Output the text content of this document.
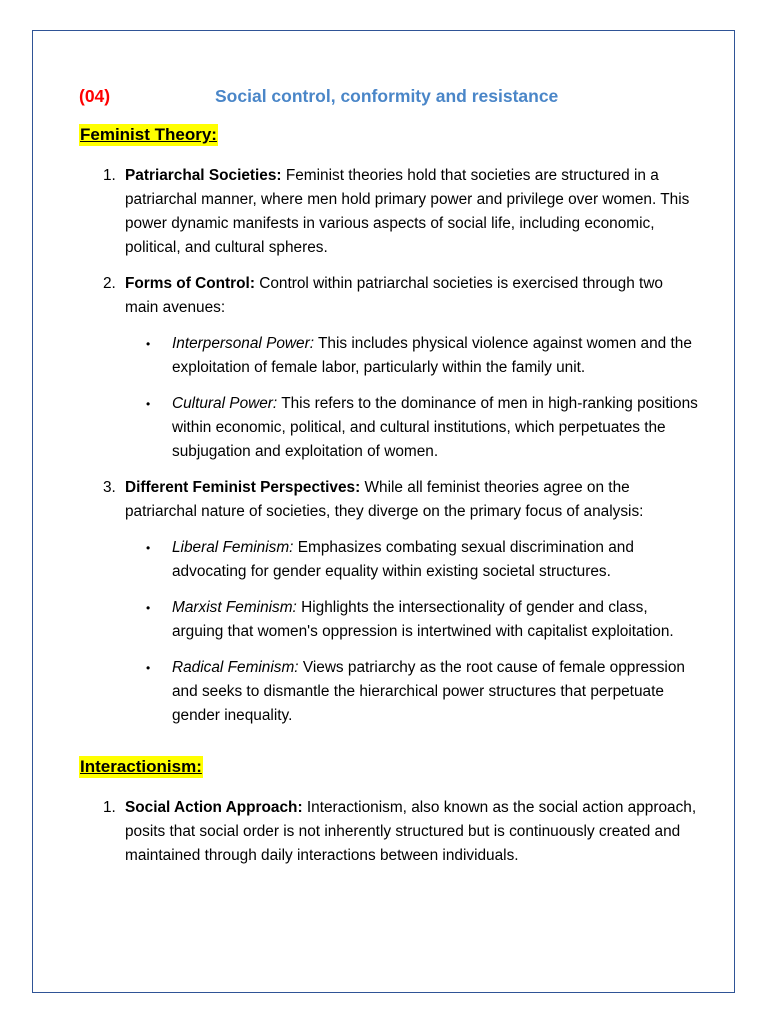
(04)	Social control, conformity and resistance
Feminist Theory:
1. Patriarchal Societies: Feminist theories hold that societies are structured in a patriarchal manner, where men hold primary power and privilege over women. This power dynamic manifests in various aspects of social life, including economic, political, and cultural spheres.
2. Forms of Control: Control within patriarchal societies is exercised through two main avenues:
• Interpersonal Power: This includes physical violence against women and the exploitation of female labor, particularly within the family unit.
• Cultural Power: This refers to the dominance of men in high-ranking positions within economic, political, and cultural institutions, which perpetuates the subjugation and exploitation of women.
3. Different Feminist Perspectives: While all feminist theories agree on the patriarchal nature of societies, they diverge on the primary focus of analysis:
• Liberal Feminism: Emphasizes combating sexual discrimination and advocating for gender equality within existing societal structures.
• Marxist Feminism: Highlights the intersectionality of gender and class, arguing that women's oppression is intertwined with capitalist exploitation.
• Radical Feminism: Views patriarchy as the root cause of female oppression and seeks to dismantle the hierarchical power structures that perpetuate gender inequality.
Interactionism:
1. Social Action Approach: Interactionism, also known as the social action approach, posits that social order is not inherently structured but is continuously created and maintained through daily interactions between individuals.
